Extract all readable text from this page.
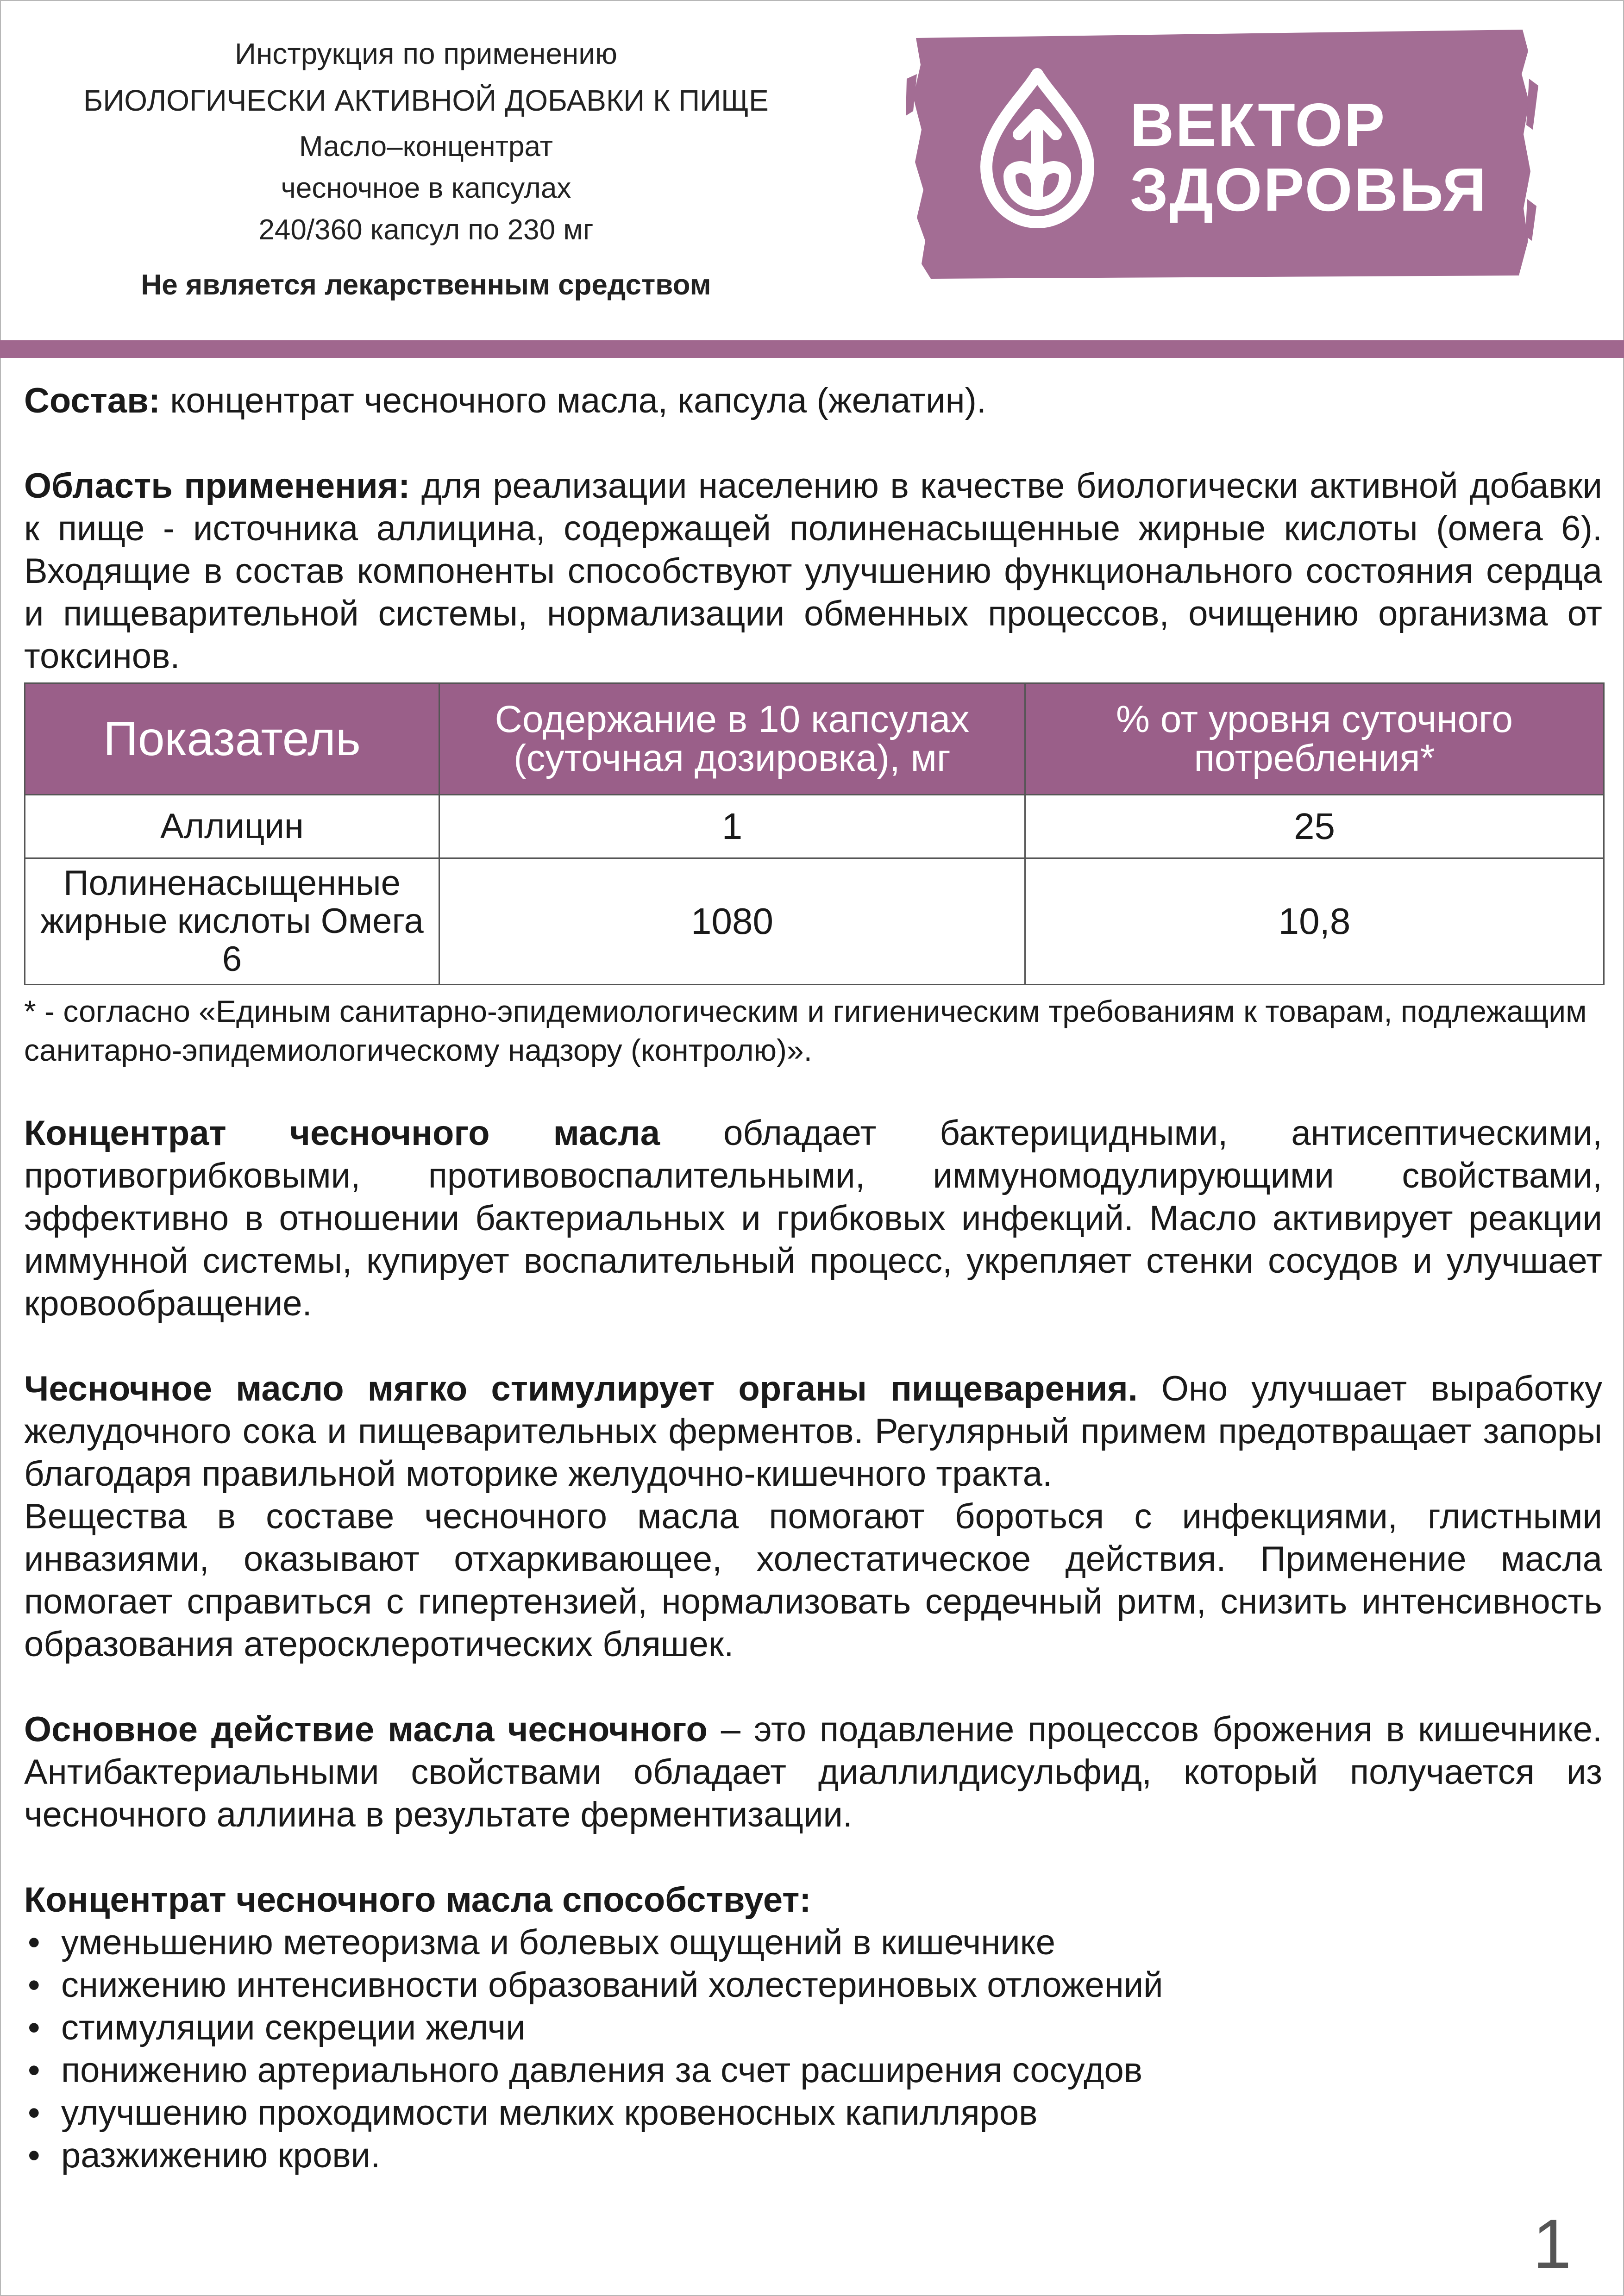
Инструкция по применению
БИОЛОГИЧЕСКИ АКТИВНОЙ ДОБАВКИ К ПИЩЕ
Масло–концентрат
чесночное в капсулах
240/360 капсул по 230 мг
Не является лекарственным средством
ВЕКТОР
ЗДОРОВЬЯ

Состав: концентрат чесночного масла, капсула (желатин).

Область применения: для реализации населению в качестве биологически активной добавки к пище - источника аллицина, содержащей полиненасыщенные жирные кислоты (омега 6). Входящие в состав компоненты способствуют улучшению функционального состояния сердца и пищеварительной системы, нормализации обменных процессов, очищению организма от токсинов.

Показатель	Содержание в 10 капсулах (суточная дозировка), мг	% от уровня суточного потребления*
Аллицин	1	25
Полиненасыщенные жирные кислоты Омега 6	1080	10,8

* - согласно «Единым санитарно-эпидемиологическим и гигиеническим требованиям к товарам, подлежащим санитарно-эпидемиологическому надзору (контролю)».

Концентрат чесночного масла обладает бактерицидными, антисептическими, противогрибковыми, противовоспалительными, иммуномодулирующими свойствами, эффективно в отношении бактериальных и грибковых инфекций. Масло активирует реакции иммунной системы, купирует воспалительный процесс, укрепляет стенки сосудов и улучшает кровообращение.

Чесночное масло мягко стимулирует органы пищеварения. Оно улучшает выработку желудочного сока и пищеварительных ферментов. Регулярный примем предотвращает запоры благодаря правильной моторике желудочно-кишечного тракта.

Вещества в составе чесночного масла помогают бороться с инфекциями, глистными инвазиями, оказывают отхаркивающее, холестатическое действия. Применение масла помогает справиться с гипертензией, нормализовать сердечный ритм, снизить интенсивность образования атеросклеротических бляшек.

Основное действие масла чесночного – это подавление процессов брожения в кишечнике. Антибактериальными свойствами обладает диаллилдисульфид, который получается из чесночного аллиина в результате ферментизации.

Концентрат чесночного масла способствует:

• уменьшению метеоризма и болевых ощущений в кишечнике
• снижению интенсивности образований холестериновых отложений
• стимуляции секреции желчи
• понижению артериального давления за счет расширения сосудов
• улучшению проходимости мелких кровеносных капилляров
• разжижению крови.
1
